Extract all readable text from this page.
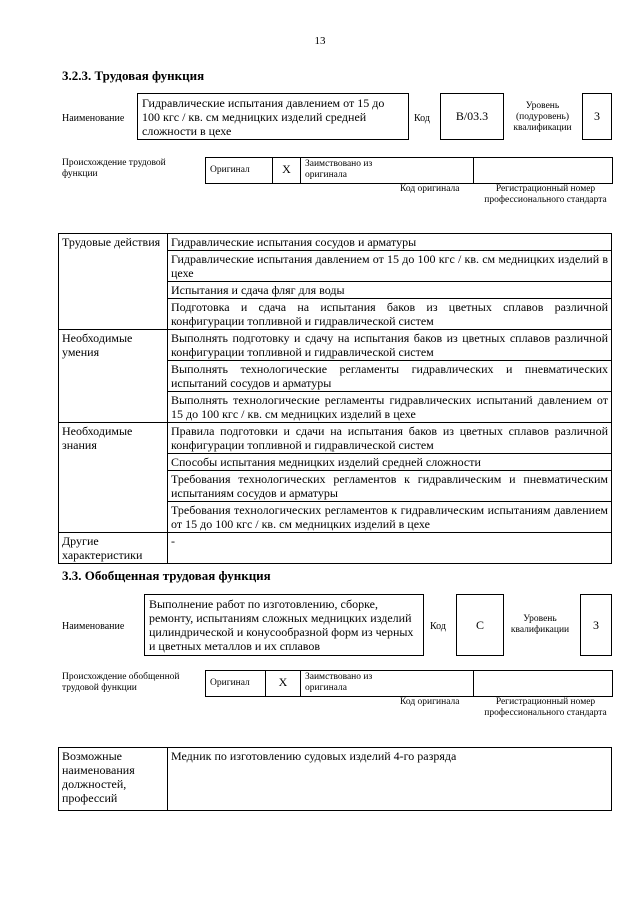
13
3.2.3. Трудовая функция
Наименование
Гидравлические испытания давлением от 15 до 100 кгс / кв. см медницких изделий средней сложности в цехе
Код	B/03.3
Уровень (подуровень) квалификации
3
Происхождение трудовой функции	Оригинал	X	Заимствовано из оригинала
Код оригинала	Регистрационный номер профессионального стандарта
Трудовые действия	Гидравлические испытания сосудов и арматуры
	Гидравлические испытания давлением от 15 до 100 кгс / кв. см медницких изделий в цехе
	Испытания и сдача фляг для воды
	Подготовка и сдача на испытания баков из цветных сплавов различной конфигурации топливной и гидравлической систем
Необходимые умения	Выполнять подготовку и сдачу на испытания баков из цветных сплавов различной конфигурации топливной и гидравлической систем
	Выполнять технологические регламенты гидравлических и пневматических испытаний сосудов и арматуры
	Выполнять технологические регламенты гидравлических испытаний давлением от 15 до 100 кгс / кв. см медницких изделий в цехе
Необходимые знания	Правила подготовки и сдачи на испытания баков из цветных сплавов различной конфигурации топливной и гидравлической систем
	Способы испытания медницких изделий средней сложности
	Требования технологических регламентов к гидравлическим и пневматическим испытаниям сосудов и арматуры
	Требования технологических регламентов к гидравлическим испытаниям давлением от 15 до 100 кгс / кв. см медницких изделий в цехе
Другие характеристики	-
3.3. Обобщенная трудовая функция
Наименование
Выполнение работ по изготовлению, сборке, ремонту, испытаниям сложных медницких изделий цилиндрической и конусообразной форм из черных и цветных металлов и их сплавов
Код	C	Уровень квалификации	3
Происхождение обобщенной трудовой функции	Оригинал	X	Заимствовано из оригинала
Код оригинала	Регистрационный номер профессионального стандарта
Возможные наименования должностей, профессий	Медник по изготовлению судовых изделий 4-го разряда
